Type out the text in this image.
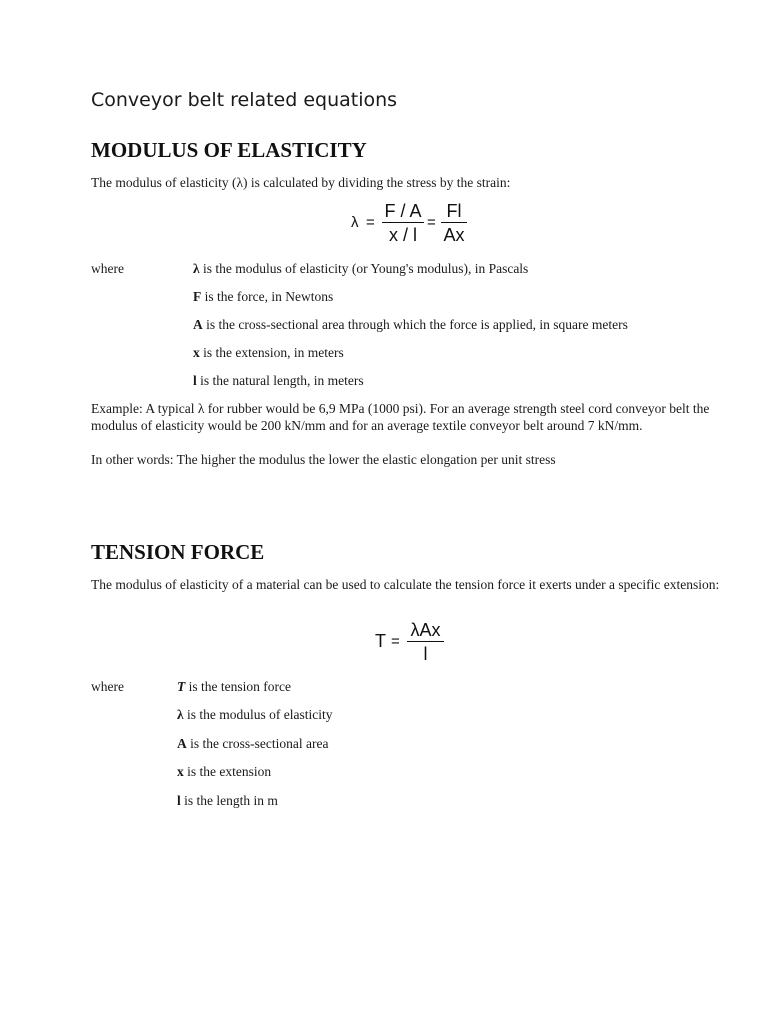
Conveyor belt related equations
MODULUS OF ELASTICITY
The modulus of elasticity (λ) is calculated by dividing the stress by the strain:
λ =
F / A
x / l
=
Fl
Ax
where	λ is the modulus of elasticity (or Young's modulus), in Pascals
F is the force, in Newtons
A is the cross-sectional area through which the force is applied, in square meters
x is the extension, in meters
l is the natural length, in meters
Example: A typical λ for rubber would be 6,9 MPa (1000 psi). For an average strength steel cord conveyor belt the modulus of elasticity would be 200 kN/mm and for an average textile conveyor belt around 7 kN/mm.
In other words: The higher the modulus the lower the elastic elongation per unit stress
TENSION FORCE
The modulus of elasticity of a material can be used to calculate the tension force it exerts under a specific extension:
T =
λAx
l
where	T is the tension force
λ is the modulus of elasticity
A is the cross-sectional area
x is the extension
l is the length in m
